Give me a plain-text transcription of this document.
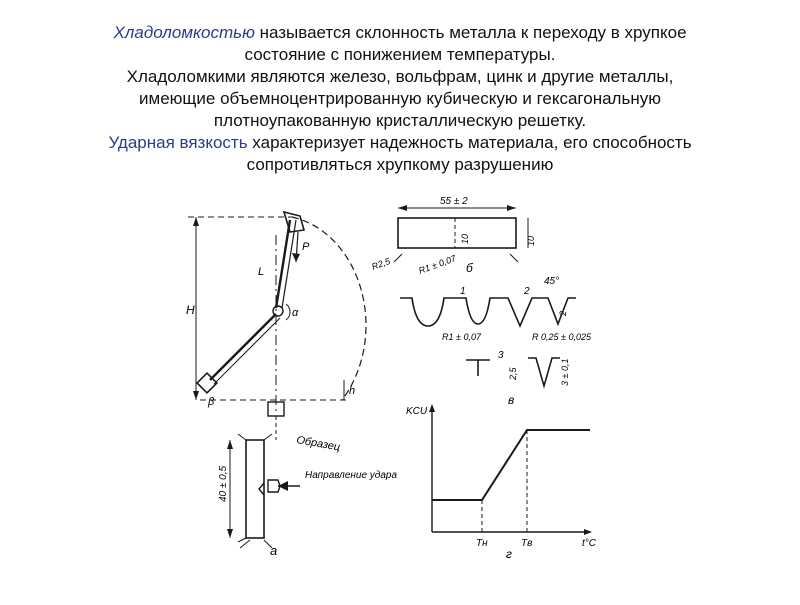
Хладоломкостью называется склонность металла к переходу в хрупкое
состояние с понижением температуры.

Хладоломкими являются железо, вольфрам, цинк и другие металлы,
имеющие объемноцентрированную кубическую и гексагональную
плотноупакованную кристаллическую решетку.

Ударная вязкость характеризует надежность материала, его способность
сопротивляться хрупкому разрушению

H
h
P
L
α
β
Образец
40 ± 0,5	Направление удара
а
55 ± 2
10	10
R2,5	R1 ± 0,07 б
1	2
45°
R1 ± 0,07	R 0,25 ± 0,025
2
3
2,5	3 ± 0,1
в
KCU
t°C
Tн	Tв
г
